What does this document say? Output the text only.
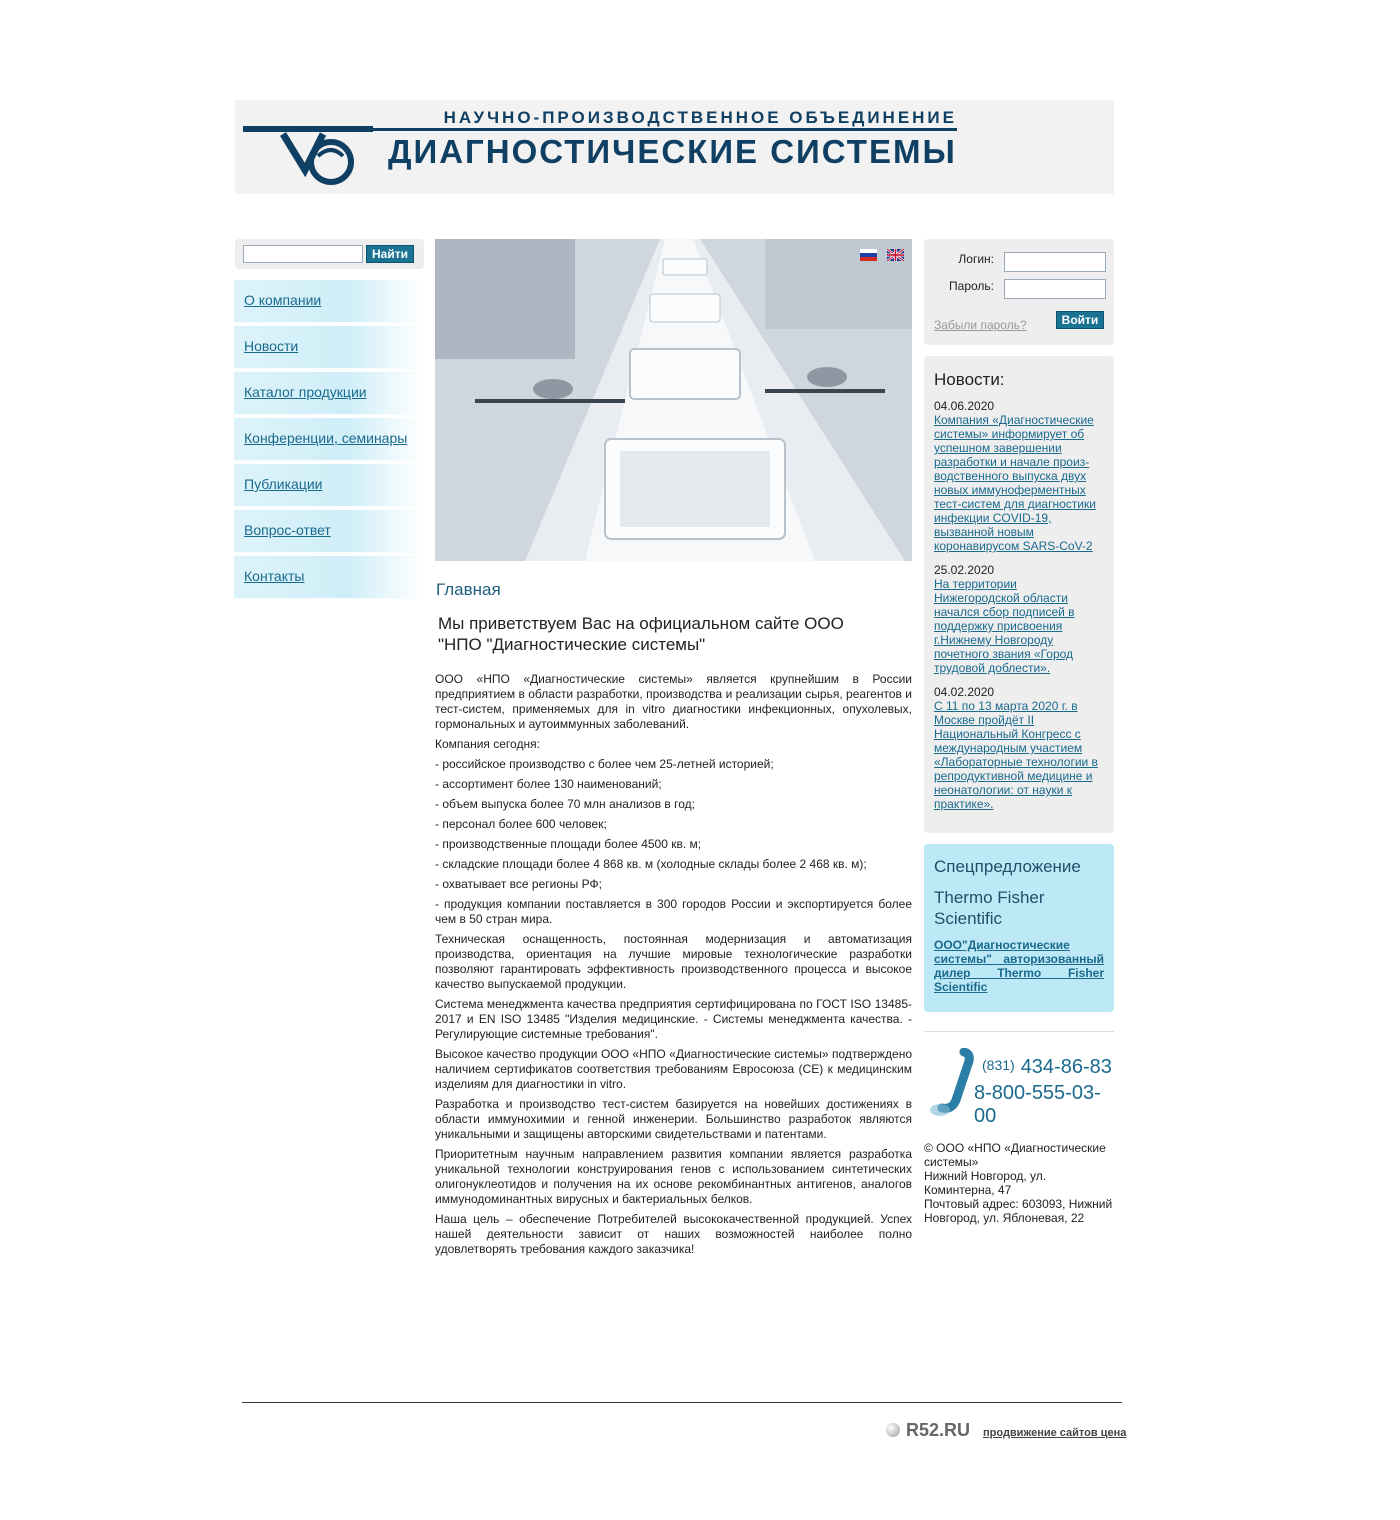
НАУЧНО-ПРОИЗВОДСТВЕННОЕ ОБЪЕДИНЕНИЕ
ДИАГНОСТИЧЕСКИЕ СИСТЕМЫ
Найти
О компании
Новости
Каталог продукции
Конференции, семинары
Публикации
Вопрос-ответ
Контакты

Главная
Мы приветствуем Вас на официальном сайте ООО "НПО "Диагностические системы"

ООО «НПО «Диагностические системы» является крупнейшим в России предприятием в области разработки, производства и реализации сырья, реагентов и тест-систем, применяемых для in vitro диагностики инфекционных, опухолевых, гормональных и аутоиммунных заболеваний.

Компания сегодня:

- российское производство с более чем 25-летней историей;

- ассортимент более 130 наименований;

- объем выпуска более 70 млн анализов в год;

- персонал более 600 человек;

- производственные площади более 4500 кв. м;

- складские площади более 4 868 кв. м (холодные склады более 2 468 кв. м);

- охватывает все регионы РФ;

- продукция компании поставляется в 300 городов России и экспортируется более чем в 50 стран мира.

Техническая оснащенность, постоянная модернизация и автоматизация производства, ориентация на лучшие мировые технологические разработки позволяют гарантировать эффективность производственного процесса и высокое качество выпускаемой продукции.

Система менеджмента качества предприятия сертифицирована по ГОСТ ISO 13485-2017 и EN ISO 13485 "Изделия медицинские. - Системы менеджмента качества. - Регулирующие системные требования".

Высокое качество продукции ООО «НПО «Диагностические системы» подтверждено наличием сертификатов соответствия требованиям Евросоюза (CE) к медицинским изделиям для диагностики in vitro.

Разработка и производство тест-систем базируется на новейших достижениях в области иммунохимии и генной инженерии. Большинство разработок являются уникальными и защищены авторскими свидетельствами и патентами.

Приоритетным научным направлением развития компании является разработка уникальной технологии конструирования генов с использованием синтетических олигонуклеотидов и получения на их основе рекомбинантных антигенов, аналогов иммунодоминантных вирусных и бактериальных белков.

Наша цель – обеспечение Потребителей высококачественной продукцией. Успех нашей деятельности зависит от наших возможностей наиболее полно удовлетворять требования каждого заказчика!

Логин:
Пароль:
Забыли пароль?	Войти
Новости:
04.06.2020
Компания «Диагностические системы» информирует об успешном завершении разработки и начале произ-водственного выпуска двух новых иммуноферментных тест-систем для диагностики инфекции COVID-19, вызванной новым коронавирусом SARS-CoV-2
25.02.2020
На территории Нижегородской области начался сбор подписей в поддержку присвоения г.Нижнему Новгороду почетного звания «Город трудовой доблести».
04.02.2020
С 11 по 13 марта 2020 г. в Москве пройдёт II Национальный Конгресс с международным участием «Лабораторные технологии в репродуктивной медицине и неонатологии: от науки к практике».
Спецпредложение
Thermo Fisher Scientific
ООО"Диагностические системы" авторизованный дилер Thermo Fisher Scientific
(831) 434-86-83
8-800-555-03-00
© ООО «НПО «Диагностические системы»
Нижний Новгород, ул. Коминтерна, 47
Почтовый адрес: 603093, Нижний Новгород, ул. Яблоневая, 22
R52.RU продвижение сайтов цена
